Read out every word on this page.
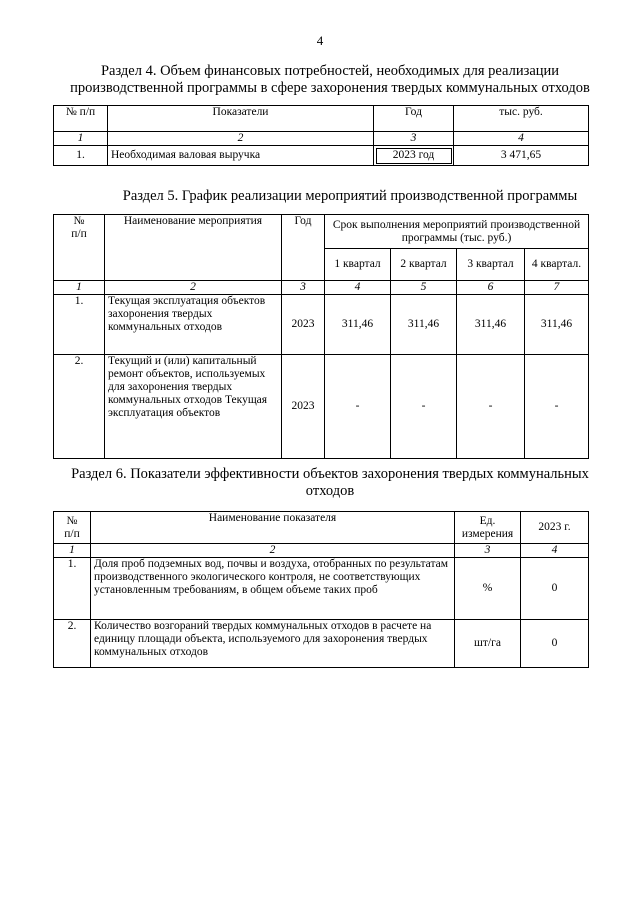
4
Раздел 4. Объем финансовых потребностей, необходимых для реализации
производственной программы в сфере захоронения твердых коммунальных отходов
№ п/п	Показатели	Год	тыс. руб.
1	2	3	4
1.	Необходимая валовая выручка	2023 год	3 471,65
Раздел 5. График реализации мероприятий производственной программы
№
п/п	Наименование мероприятия	Год	Срок выполнения мероприятий производственной программы (тыс. руб.)			
			1 квартал	2 квартал	3 квартал	4 квартал.
1	2	3	4	5	6	7
1.	Текущая эксплуатация объектов захоронения твердых коммунальных отходов	2023	311,46	311,46	311,46	311,46
2.	Текущий и (или) капитальный ремонт объектов, используемых для захоронения твердых коммунальных отходов Текущая эксплуатация объектов	2023	-	-	-	-
Раздел 6. Показатели эффективности объектов захоронения твердых коммунальных
отходов
№
п/п	Наименование показателя	Ед. измерения	2023 г.
1	2	3	4
1.	Доля проб подземных вод, почвы и воздуха, отобранных по результатам производственного экологического контроля, не соответствующих установленным требованиям, в общем объеме таких проб	%	0
2.	Количество возгораний твердых коммунальных отходов в расчете на единицу площади объекта, используемого для захоронения твердых коммунальных отходов	шт/га	0
